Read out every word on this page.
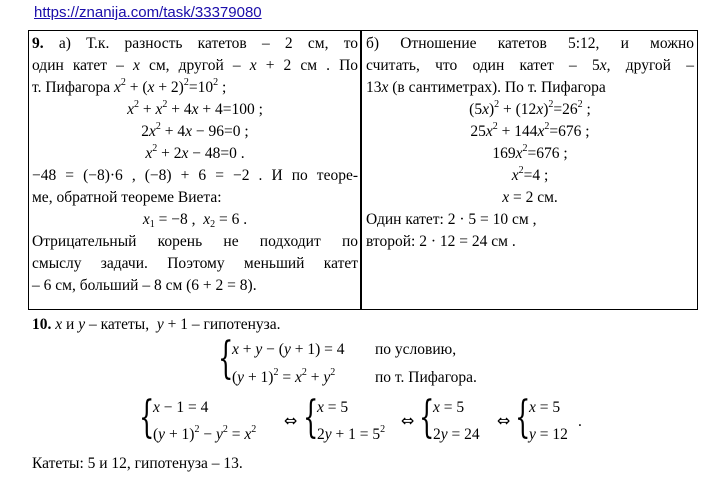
https://znanija.com/task/33379080
9. а) Т.к. разность катетов – 2 см, то
один катет – x см, другой – x + 2 см . По
т. Пифагора $x^2 + (x + 2)^2=10^2$ ;
$x^2 + x^2 + 4x + 4=100$ ;
$2x^2 + 4x - 96=0$ ;
$x^2 + 2x - 48=0$ .
−48 = (−8)·6 , (−8) + 6 = −2 . И по теоре-
ме, обратной теореме Виета:
$x_1 = -8$ ,  $x_2 = 6$ .
Отрицательный корень не подходит по
смыслу задачи. Поэтому меньший катет
– 6 см, больший – 8 см (6 + 2 = 8).
б) Отношение катетов 5:12, и можно
считать, что один катет – 5x, другой –
13x (в сантиметрах). По т. Пифагора
$(5x)^2 + (12x)^2=26^2$ ;
$25x^2 + 144x^2=676$ ;
$169x^2=676$ ;
$x^2=4$ ;
x = 2 см.
Один катет: 2 · 5 = 10 см ,
второй: 2 · 12 = 24 см .
10. x и y – катеты, y + 1 – гипотенуза.
{
x + y − (y + 1) = 4
$(y + 1)^2 = x^2 + y^2$
по условию,
по т. Пифагора.
{
x − 1 = 4
$(y + 1)^2 - y^2 = x^2$ ⇔ {
x = 5
$2y + 1 = 5^2$ ⇔ {
x = 5
2y = 24
⇔ {
x = 5
y = 12
.
Катеты: 5 и 12, гипотенуза – 13.
